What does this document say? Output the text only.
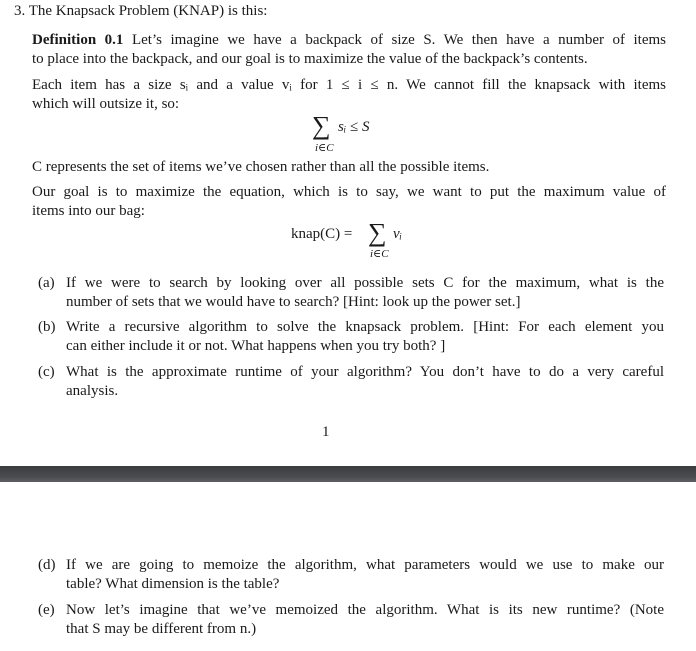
3. The Knapsack Problem (KNAP) is this:
Definition 0.1 Let’s imagine we have a backpack of size S. We then have a number of items
to place into the backpack, and our goal is to maximize the value of the backpack’s contents.
Each item has a size sᵢ and a value vᵢ for 1 ≤ i ≤ n. We cannot fill the knapsack with items
which will outsize it, so:
∑ sᵢ ≤ S
i∈C
C represents the set of items we’ve chosen rather than all the possible items.
Our goal is to maximize the equation, which is to say, we want to put the maximum value of
items into our bag:
knap(C) = ∑ vᵢ
i∈C
(a) If we were to search by looking over all possible sets C for the maximum, what is the
number of sets that we would have to search? [Hint: look up the power set.]
(b) Write a recursive algorithm to solve the knapsack problem. [Hint: For each element you
can either include it or not. What happens when you try both? ]
(c) What is the approximate runtime of your algorithm? You don’t have to do a very careful
analysis.
1
(d) If we are going to memoize the algorithm, what parameters would we use to make our
table? What dimension is the table?
(e) Now let’s imagine that we’ve memoized the algorithm. What is its new runtime? (Note
that S may be different from n.)
